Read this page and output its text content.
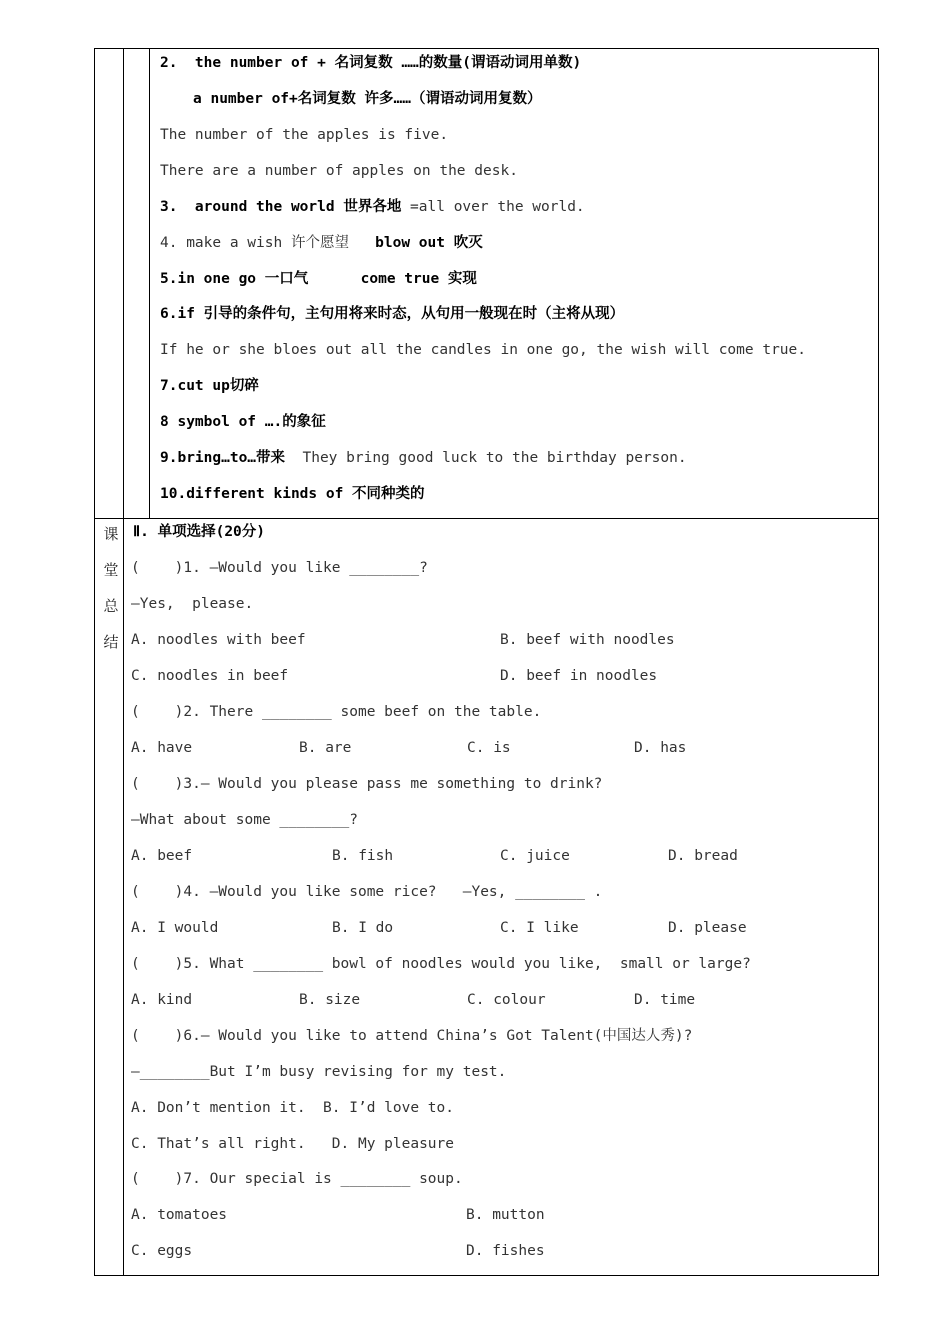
2.  the number of + 名词复数 ……的数量(谓语动词用单数)
a number of+名词复数 许多……（谓语动词用复数）
The number of the apples is five.
There are a number of apples on the desk.
3.  around the world 世界各地 =all over the world.
4. make a wish 许个愿望   blow out 吹灭
5.in one go 一口气      come true 实现
6.if 引导的条件句，主句用将来时态，从句用一般现在时（主将从现）
If he or she bloes out all the candles in one go, the wish will come true.
7.cut up切碎
8 symbol of ….的象征
9.bring…to…带来  They bring good luck to the birthday person.
10.different kinds of 不同种类的
课
堂
总
结
Ⅱ. 单项选择(20分)
(    )1. —Would you like ________?
—Yes,  please.
A. noodles with beef	B. beef with noodles
C. noodles in beef	D. beef in noodles
(    )2. There ________ some beef on the table.
A. have	B. are	C. is	D. has
(    )3.— Would you please pass me something to drink?
—What about some ________?
A. beef	B. fish	C. juice	D. bread
(    )4. —Would you like some rice?   —Yes, ________ .
A. I would	B. I do	C. I like	D. please
(    )5. What ________ bowl of noodles would you like,  small or large?
A. kind	B. size	C. colour	D. time
(    )6.— Would you like to attend China’s Got Talent(中国达人秀)?
—________But I’m busy revising for my test.
A. Don’t mention it.  B. I’d love to.
C. That’s all right.   D. My pleasure
(    )7. Our special is ________ soup.
A. tomatoes	B. mutton
C. eggs	D. fishes
